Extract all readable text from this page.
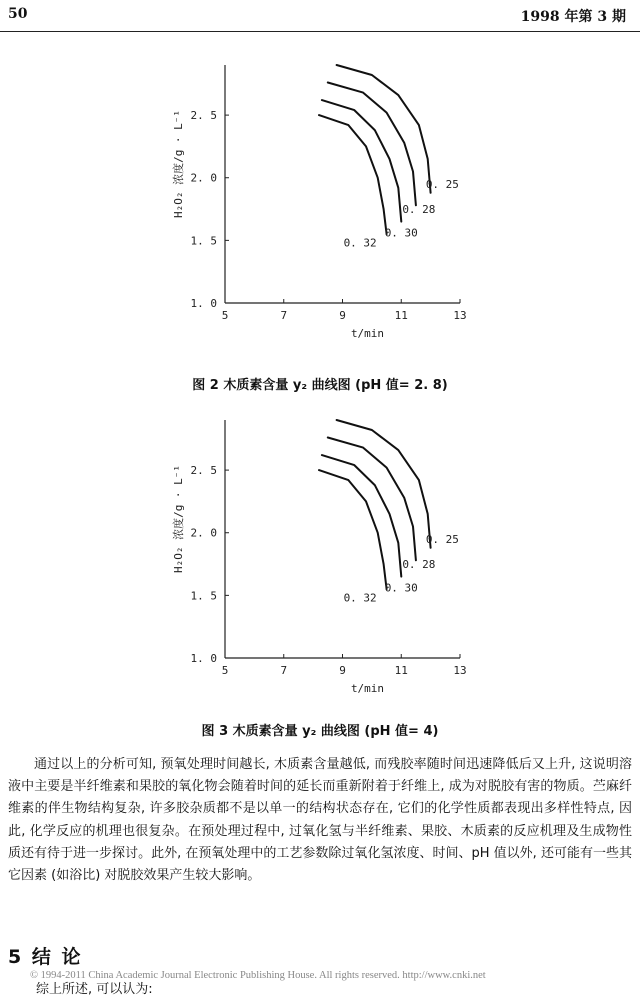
50	1998 年第 3 期
5	7	9	11	13
1. 0
1. 5
2. 0
2. 5
t/min
H₂O₂ 浓度/g · L⁻¹
0. 32
0. 30
0. 28
0. 25
图 2 木质素含量 y₂ 曲线图 (pH 值= 2. 8)
5	7	9	11	13
1. 0
1. 5
2. 0
2. 5
t/min
H₂O₂ 浓度/g · L⁻¹
0. 32
0. 30
0. 28
0. 25
图 3 木质素含量 y₂ 曲线图 (pH 值= 4)
通过以上的分析可知, 预氧处理时间越长, 木质素含量越低, 而残胶率随时间迅速降低后又上升, 这说明溶液中主要是半纤维素和果胶的氧化物会随着时间的延长而重新附着于纤维上, 成为对脱胶有害的物质。苎麻纤维素的伴生物结构复杂, 许多胶杂质都不是以单一的结构状态存在, 它们的化学性质都表现出多样性特点, 因此, 化学反应的机理也很复杂。在预处理过程中, 过氧化氢与半纤维素、果胶、木质素的反应机理及生成物性质还有待于进一步探讨。此外, 在预氧处理中的工艺参数除过氧化氢浓度、时间、pH 值以外, 还可能有一些其它因素 (如浴比) 对脱胶效果产生较大影响。
5 结 论
© 1994-2011 China Academic Journal Electronic Publishing House. All rights reserved. http://www.cnki.net
综上所述, 可以认为:
